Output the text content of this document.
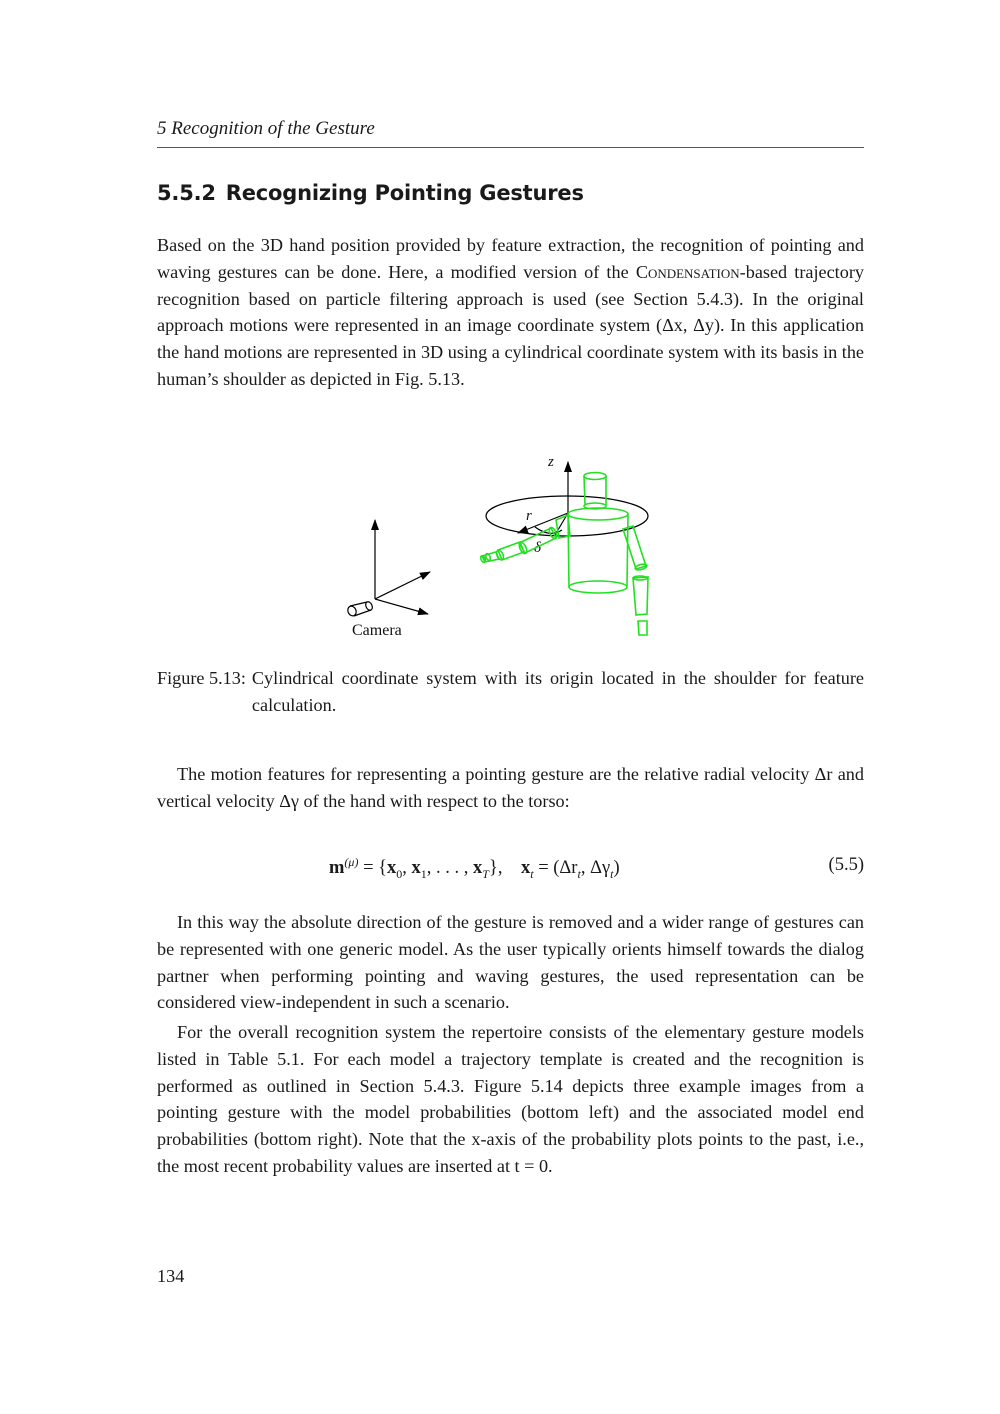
5 Recognition of the Gesture
5.5.2 Recognizing Pointing Gestures

Based on the 3D hand position provided by feature extraction, the recognition of pointing and waving gestures can be done. Here, a modified version of the Condensation-based trajectory recognition based on particle filtering approach is used (see Section 5.4.3). In the original approach motions were represented in an image coordinate system (Δx, Δy). In this application the hand motions are represented in 3D using a cylindrical coordinate system with its basis in the human’s shoulder as depicted in Fig. 5.13.

Camera
z
r
δ
Figure 5.13: Cylindrical coordinate system with its origin located in the shoulder for feature calculation.

The motion features for representing a pointing gesture are the relative radial velocity Δr and vertical velocity Δγ of the hand with respect to the torso:

$m^{(\mu)} = \{x_0$, $x_1$, . . . , $x_T$}, $x_t = (\Delta r_t$, $\Delta\gamma_t$)	(5.5)

In this way the absolute direction of the gesture is removed and a wider range of gestures can be represented with one generic model. As the user typically orients himself towards the dialog partner when performing pointing and waving gestures, the used representation can be considered view-independent in such a scenario.

For the overall recognition system the repertoire consists of the elementary gesture models listed in Table 5.1. For each model a trajectory template is created and the recognition is performed as outlined in Section 5.4.3. Figure 5.14 depicts three example images from a pointing gesture with the model probabilities (bottom left) and the associated model end probabilities (bottom right). Note that the x-axis of the probability plots points to the past, i.e., the most recent probability values are inserted at t = 0.

134
